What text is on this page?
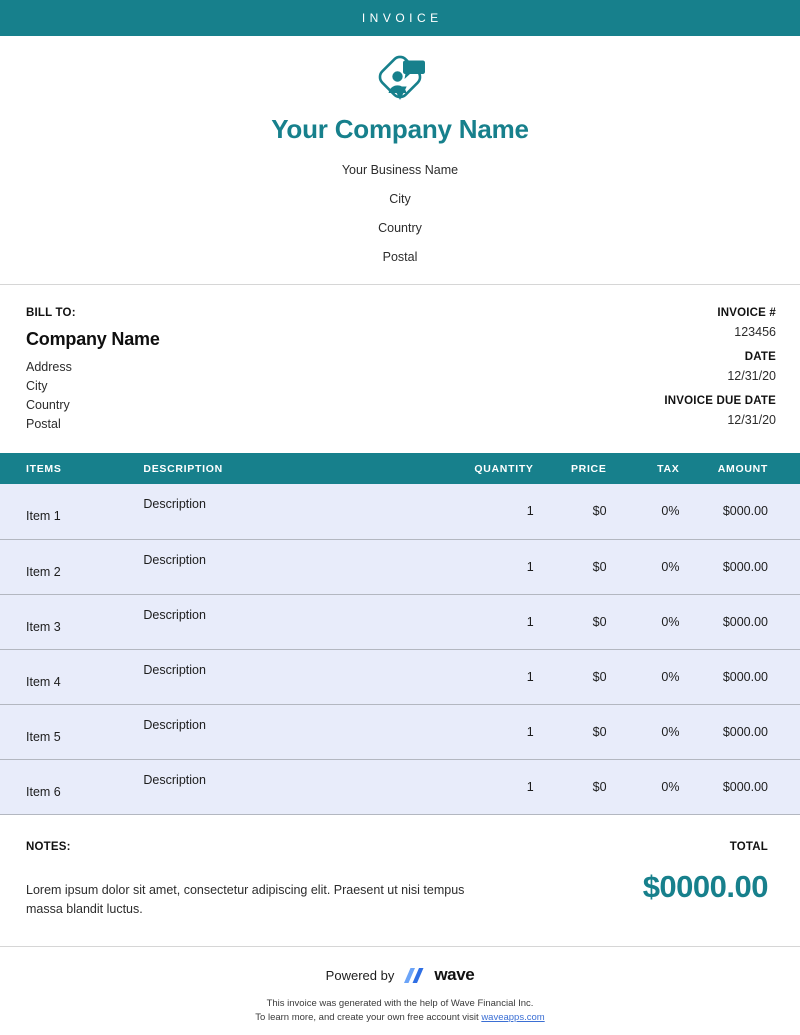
INVOICE
Your Company Name
Your Business Name
City
Country
Postal
BILL TO:
Company Name
Address
City
Country
Postal
INVOICE #
123456
DATE
12/31/20
INVOICE DUE DATE
12/31/20
ITEMS	DESCRIPTION	QUANTITY	PRICE	TAX	AMOUNT
Item 1	Description	1	$0	0%	$000.00
Item 2	Description	1	$0	0%	$000.00
Item 3	Description	1	$0	0%	$000.00
Item 4	Description	1	$0	0%	$000.00
Item 5	Description	1	$0	0%	$000.00
Item 6	Description	1	$0	0%	$000.00
NOTES:
Lorem ipsum dolor sit amet, consectetur adipiscing elit. Praesent ut nisi tempus massa blandit luctus.
TOTAL
$0000.00
Powered by wave
This invoice was generated with the help of Wave Financial Inc.
To learn more, and create your own free account visit waveapps.com
